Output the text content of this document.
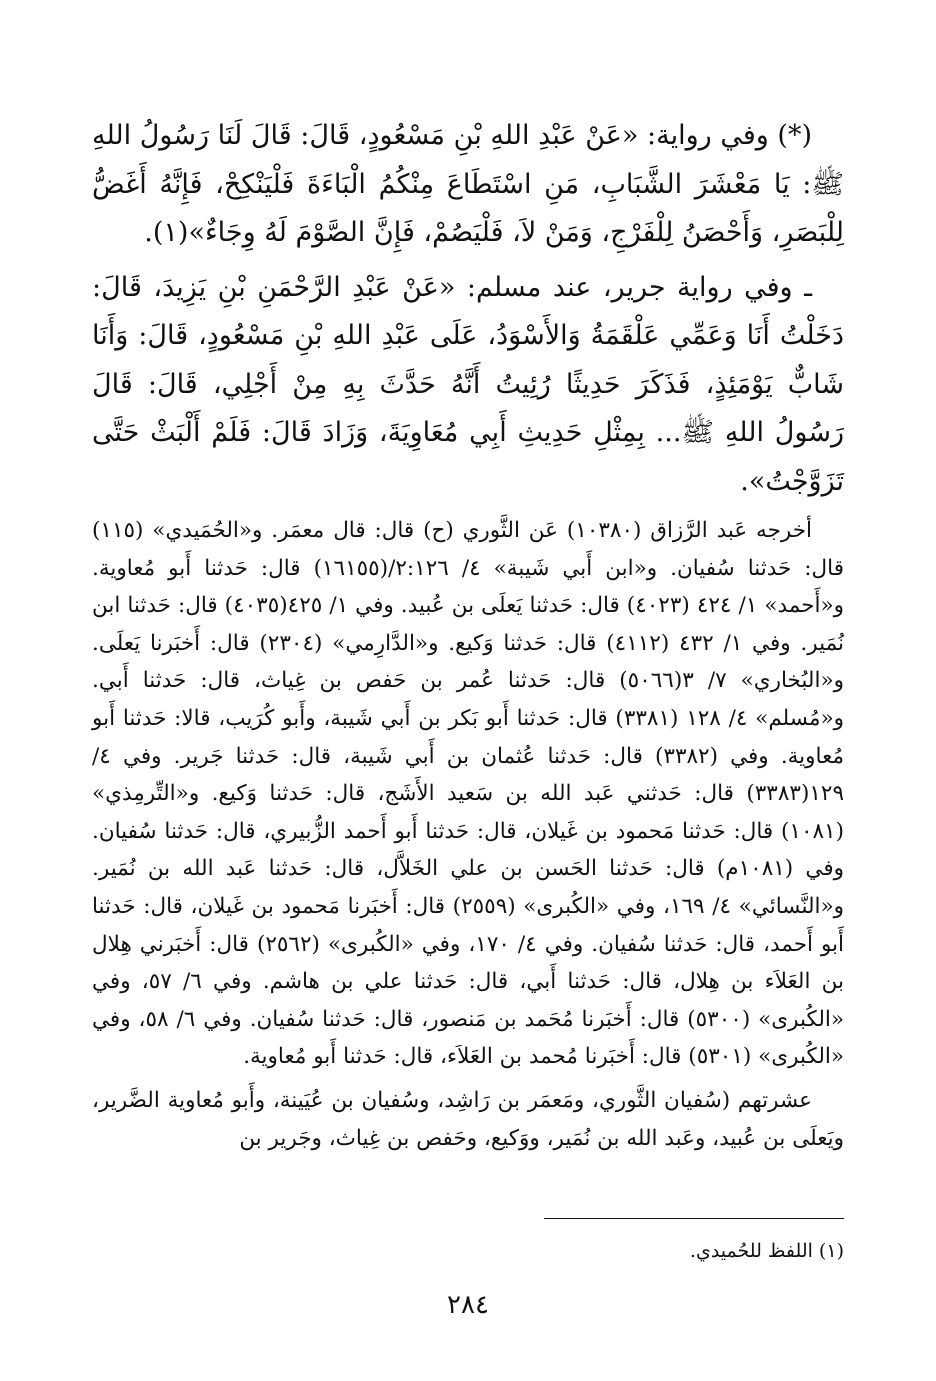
(*) وفي رواية: «عَنْ عَبْدِ اللهِ بْنِ مَسْعُودٍ، قَالَ: قَالَ لَنَا رَسُولُ اللهِ ﷺ: يَا مَعْشَرَ الشَّبَابِ، مَنِ اسْتَطَاعَ مِنْكُمُ الْبَاءَةَ فَلْيَنْكِحْ، فَإِنَّهُ أَغَضُّ لِلْبَصَرِ، وَأَحْصَنُ لِلْفَرْجِ، وَمَنْ لاَ، فَلْيَصُمْ، فَإِنَّ الصَّوْمَ لَهُ وِجَاءٌ»(١).

ـ وفي رواية جرير، عند مسلم: «عَنْ عَبْدِ الرَّحْمَنِ بْنِ يَزِيدَ، قَالَ: دَخَلْتُ أَنَا وَعَمِّي عَلْقَمَةُ وَالأَسْوَدُ، عَلَى عَبْدِ اللهِ بْنِ مَسْعُودٍ، قَالَ: وَأَنَا شَابٌّ يَوْمَئِذٍ، فَذَكَرَ حَدِيثًا رُئِيتُ أَنَّهُ حَدَّثَ بِهِ مِنْ أَجْلِي، قَالَ: قَالَ رَسُولُ اللهِ ﷺ... بِمِثْلِ حَدِيثِ أَبِي مُعَاوِيَةَ، وَزَادَ قَالَ: فَلَمْ أَلْبَثْ حَتَّى تَزَوَّجْتُ».

أخرجه عَبد الرَّزاق (١٠٣٨٠) عَن الثَّوري (ح) قال: قال معمَر. و«الحُمَيدي» (١١٥) قال: حَدثنا سُفيان. و«ابن أَبي شَيبة» ٤/ ٢:١٢٦/(١٦١٥٥) قال: حَدثنا أَبو مُعاوية. و«أَحمد» ١/ ٤٢٤ (٤٠٢٣) قال: حَدثنا يَعلَى بن عُبيد. وفي ١/ ٤٢٥(٤٠٣٥) قال: حَدثنا ابن نُمَير. وفي ١/ ٤٣٢ (٤١١٢) قال: حَدثنا وَكيع. و«الدَّارِمي» (٢٣٠٤) قال: أَخبَرنا يَعلَى. و«البُخاري» ٧/ ٣(٥٠٦٦) قال: حَدثنا عُمر بن حَفص بن غِياث، قال: حَدثنا أَبي. و«مُسلم» ٤/ ١٢٨ (٣٣٨١) قال: حَدثنا أَبو بَكر بن أَبي شَيبة، وأَبو كُرَيب، قالا: حَدثنا أَبو مُعاوية. وفي (٣٣٨٢) قال: حَدثنا عُثمان بن أَبي شَيبة، قال: حَدثنا جَرير. وفي ٤/ ١٢٩(٣٣٨٣) قال: حَدثني عَبد الله بن سَعيد الأَشَج، قال: حَدثنا وَكيع. و«التِّرمِذي» (١٠٨١) قال: حَدثنا مَحمود بن غَيلان، قال: حَدثنا أَبو أَحمد الزُّبيري، قال: حَدثنا سُفيان. وفي (١٠٨١م) قال: حَدثنا الحَسن بن علي الخَلاَّل، قال: حَدثنا عَبد الله بن نُمَير. و«النَّسائي» ٤/ ١٦٩، وفي «الكُبرى» (٢٥٥٩) قال: أَخبَرنا مَحمود بن غَيلان، قال: حَدثنا أَبو أَحمد، قال: حَدثنا سُفيان. وفي ٤/ ١٧٠، وفي «الكُبرى» (٢٥٦٢) قال: أَخبَرني هِلال بن العَلاَء بن هِلال، قال: حَدثنا أَبي، قال: حَدثنا علي بن هاشم. وفي ٦/ ٥٧، وفي «الكُبرى» (٥٣٠٠) قال: أَخبَرنا مُحَمد بن مَنصور، قال: حَدثنا سُفيان. وفي ٦/ ٥٨، وفي «الكُبرى» (٥٣٠١) قال: أَخبَرنا مُحمد بن العَلاَء، قال: حَدثنا أَبو مُعاوية.

عشرتهم (سُفيان الثَّوري، ومَعمَر بن رَاشِد، وسُفيان بن عُيَينة، وأَبو مُعاوية الضَّرير، ويَعلَى بن عُبيد، وعَبد الله بن نُمَير، ووَكيع، وحَفص بن غِياث، وجَرير بن

(١) اللفظ للحُميدي.
٢٨٤
